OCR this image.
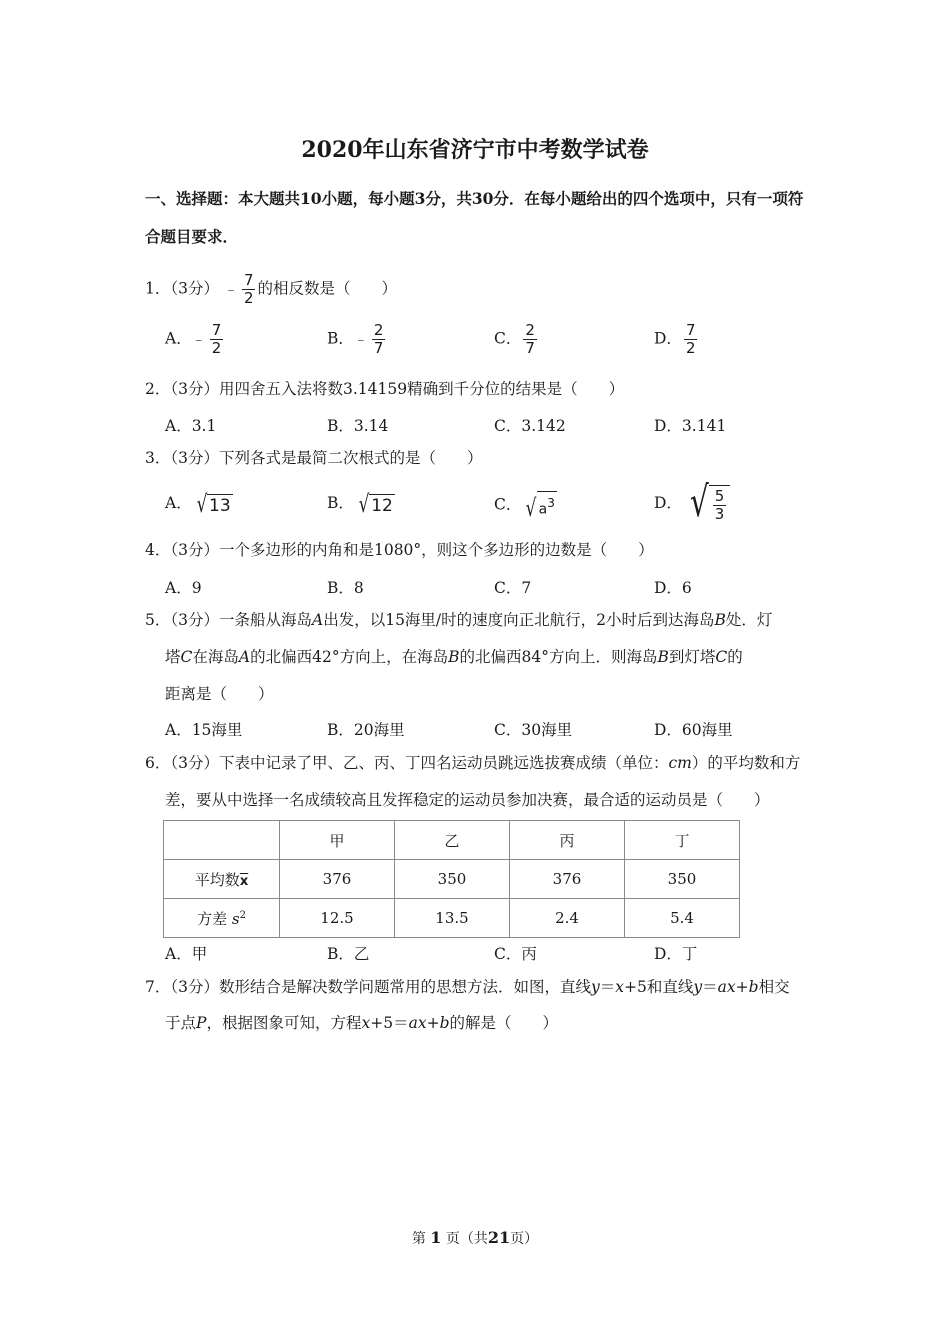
2020年山东省济宁市中考数学试卷
一、选择题：本大题共10小题，每小题3分，共30分．在每小题给出的四个选项中，只有一项符合题目要求．
1．（3分） ﹣ $\frac{7}{2}$ 的相反数是（　　）
A．﹣ $\frac{7}{2}$	B．﹣ $\frac{2}{7}$	C． $\frac{2}{7}$	D． $\frac{7}{2}$
2．（3分）用四舍五入法将数3.14159精确到千分位的结果是（　　）
A．3.1	B．3.14	C．3.142	D．3.141
3．（3分）下列各式是最简二次根式的是（　　）
A． √ 13	B． √ 12	C． √ $a^3$	D． √ $\frac{5}{3}$
4．（3分）一个多边形的内角和是1080°，则这个多边形的边数是（　　）
A．9	B．8	C．7	D．6
5．（3分）一条船从海岛A出发，以15海里/时的速度向正北航行，2小时后到达海岛B处．灯
塔C在海岛A的北偏西42°方向上，在海岛B的北偏西84°方向上．则海岛B到灯塔C的
距离是（　　）
A．15海里	B．20海里	C．30海里	D．60海里
6．（3分）下表中记录了甲、乙、丙、丁四名运动员跳远选拔赛成绩（单位：cm）的平均数和方
差，要从中选择一名成绩较高且发挥稳定的运动员参加决赛，最合适的运动员是（　　）
	甲	乙	丙	丁
平均数$\overline{x}$	376	350	376	350
方差 $s^2$	12.5	13.5	2.4	5.4
A．甲	B．乙	C．丙	D．丁
7．（3分）数形结合是解决数学问题常用的思想方法．如图，直线y＝x+5和直线y＝ax+b相交
于点P，根据图象可知，方程x+5＝ax+b的解是（　　）
第 1 页（共21页）
